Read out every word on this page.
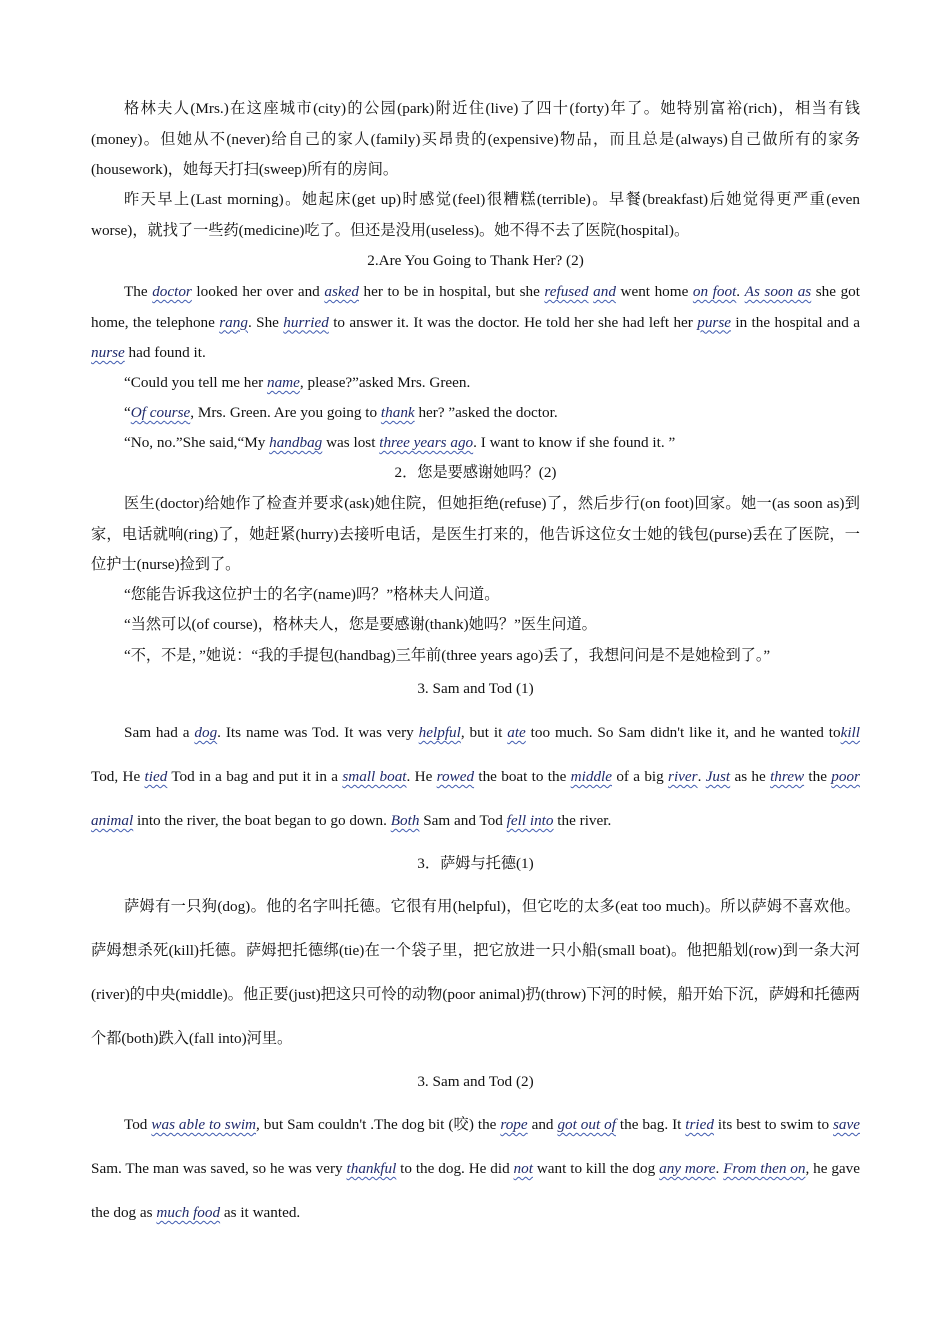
格林夫人(Mrs.)在这座城市(city)的公园(park)附近住(live)了四十(forty)年了。她特别富裕(rich)，相当有钱(money)。但她从不(never)给自己的家人(family)买昂贵的(expensive)物品，而且总是(always)自己做所有的家务(housework)，她每天打扫(sweep)所有的房间。

昨天早上(Last morning)。她起床(get up)时感觉(feel)很糟糕(terrible)。早餐(breakfast)后她觉得更严重(even worse)，就找了一些药(medicine)吃了。但还是没用(useless)。她不得不去了医院(hospital)。

2.Are You Going to Thank Her? (2)

The doctor looked her over and asked her to be in hospital, but she refused and went home on foot. As soon as she got home, the telephone rang. She hurried to answer it. It was the doctor. He told her she had left her purse in the hospital and a nurse had found it.

“Could you tell me her name, please?”asked Mrs. Green.

“Of course, Mrs. Green. Are you going to thank her? ”asked the doctor.

“No, no.”She said,“My handbag was lost three years ago. I want to know if she found it. ”

2．您是要感谢她吗？(2)

医生(doctor)给她作了检查并要求(ask)她住院，但她拒绝(refuse)了，然后步行(on foot)回家。她一(as soon as)到家，电话就响(ring)了，她赶紧(hurry)去接听电话，是医生打来的，他告诉这位女士她的钱包(purse)丢在了医院，一位护士(nurse)捡到了。

“您能告诉我这位护士的名字(name)吗？”格林夫人问道。

“当然可以(of course)，格林夫人，您是要感谢(thank)她吗？”医生问道。

“不，不是，”她说：“我的手提包(handbag)三年前(three years ago)丢了，我想问问是不是她检到了。”

3. Sam and Tod (1)

Sam had a dog. Its name was Tod. It was very helpful, but it ate too much. So Sam didn't like it, and he wanted tokill Tod, He tied Tod in a bag and put it in a small boat. He rowed the boat to the middle of a big river. Just as he threw the poor animal into the river, the boat began to go down. Both Sam and Tod fell into the river.

3．萨姆与托德(1)

萨姆有一只狗(dog)。他的名字叫托德。它很有用(helpful)，但它吃的太多(eat too much)。所以萨姆不喜欢他。萨姆想杀死(kill)托德。萨姆把托德绑(tie)在一个袋子里，把它放进一只小船(small boat)。他把船划(row)到一条大河(river)的中央(middle)。他正要(just)把这只可怜的动物(poor animal)扔(throw)下河的时候，船开始下沉，萨姆和托德两个都(both)跌入(fall into)河里。

3. Sam and Tod (2)

Tod was able to swim, but Sam couldn't .The dog bit (咬) the rope and got out of the bag. It tried its best to swim to save Sam. The man was saved, so he was very thankful to the dog. He did not want to kill the dog any more. From then on, he gave the dog as much food as it wanted.
